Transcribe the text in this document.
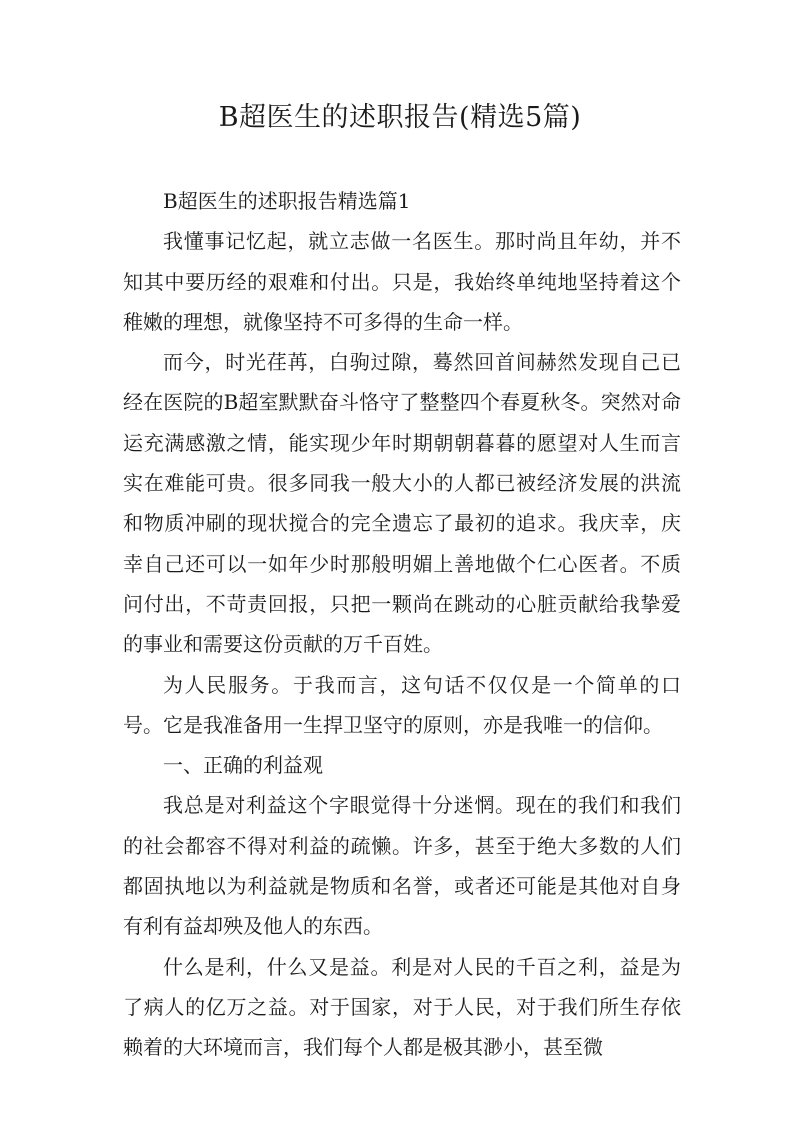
B超医生的述职报告(精选5篇)

B超医生的述职报告精选篇1

我懂事记忆起，就立志做一名医生。那时尚且年幼，并不知其中要历经的艰难和付出。只是，我始终单纯地坚持着这个稚嫩的理想，就像坚持不可多得的生命一样。

而今，时光荏苒，白驹过隙，蓦然回首间赫然发现自己已经在医院的B超室默默奋斗恪守了整整四个春夏秋冬。突然对命运充满感激之情，能实现少年时期朝朝暮暮的愿望对人生而言实在难能可贵。很多同我一般大小的人都已被经济发展的洪流和物质冲刷的现状搅合的完全遗忘了最初的追求。我庆幸，庆幸自己还可以一如年少时那般明媚上善地做个仁心医者。不质问付出，不苛责回报，只把一颗尚在跳动的心脏贡献给我挚爱的事业和需要这份贡献的万千百姓。

为人民服务。于我而言，这句话不仅仅是一个简单的口号。它是我准备用一生捍卫坚守的原则，亦是我唯一的信仰。

一、正确的利益观

我总是对利益这个字眼觉得十分迷惘。现在的我们和我们的社会都容不得对利益的疏懒。许多，甚至于绝大多数的人们都固执地以为利益就是物质和名誉，或者还可能是其他对自身有利有益却殃及他人的东西。

什么是利，什么又是益。利是对人民的千百之利，益是为了病人的亿万之益。对于国家，对于人民，对于我们所生存依赖着的大环境而言，我们每个人都是极其渺小，甚至微
